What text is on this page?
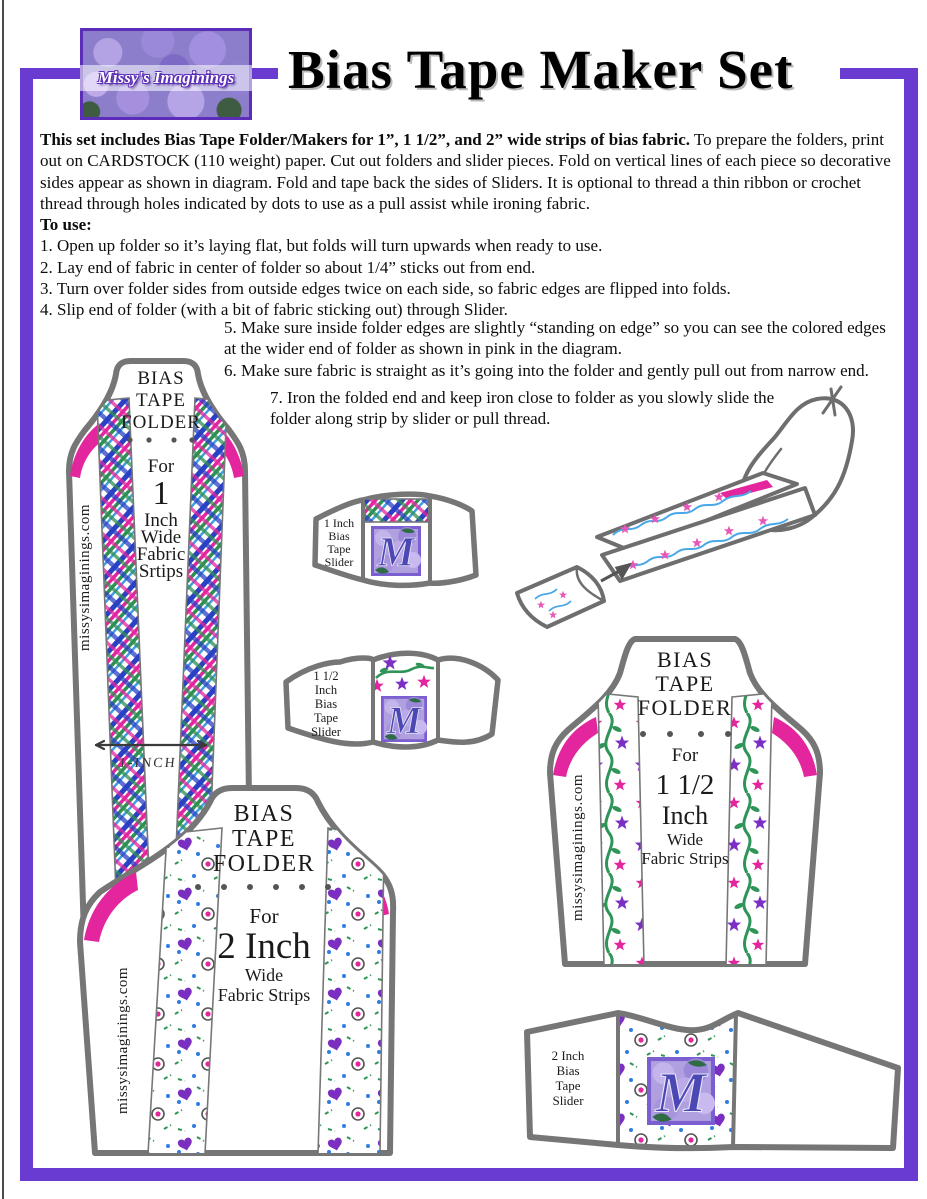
Missy's Imaginings Bias Tape Maker Set
This set includes Bias Tape Folder/Makers for 1”, 1 1/2”, and 2” wide strips of bias fabric. To prepare the folders, print out on CARDSTOCK (110 weight) paper. Cut out folders and slider pieces. Fold on vertical lines of each piece so decorative sides appear as shown in diagram. Fold and tape back the sides of Sliders. It is optional to thread a thin ribbon or crochet thread through holes indicated by dots to use as a pull assist while ironing fabric.
To use:
1. Open up folder so it’s laying flat, but folds will turn upwards when ready to use.
2. Lay end of fabric in center of folder so about 1/4” sticks out from end.
3. Turn over folder sides from outside edges twice on each side, so fabric edges are flipped into folds.
4. Slip end of folder (with a bit of fabric sticking out) through Slider.
5. Make sure inside folder edges are slightly “standing on edge” so you can see the colored edges at the wider end of folder as shown in pink in the diagram.
6. Make sure fabric is straight as it’s going into the folder and gently pull out from narrow end.
7. Iron the folded end and keep iron close to folder as you slowly slide the folder along strip by slider or pull thread.
BIAS
TAPE
FOLDER
For
1
Inch
Wide
Fabric
Srtips
missysimaginings.com	1 Inch
Bias
Tape
Slider
1-INCH
1 1/2
Inch
Bias
Tape
Slider
BIAS
TAPE
FOLDER
For
1 1/2
Inch
Wide
Fabric Strips
missysimaginings.com
BIAS
TAPE
FOLDER
For
2 Inch
Wide
Fabric Strips
missysimaginings.com	2 Inch
Bias
Tape
Slider
